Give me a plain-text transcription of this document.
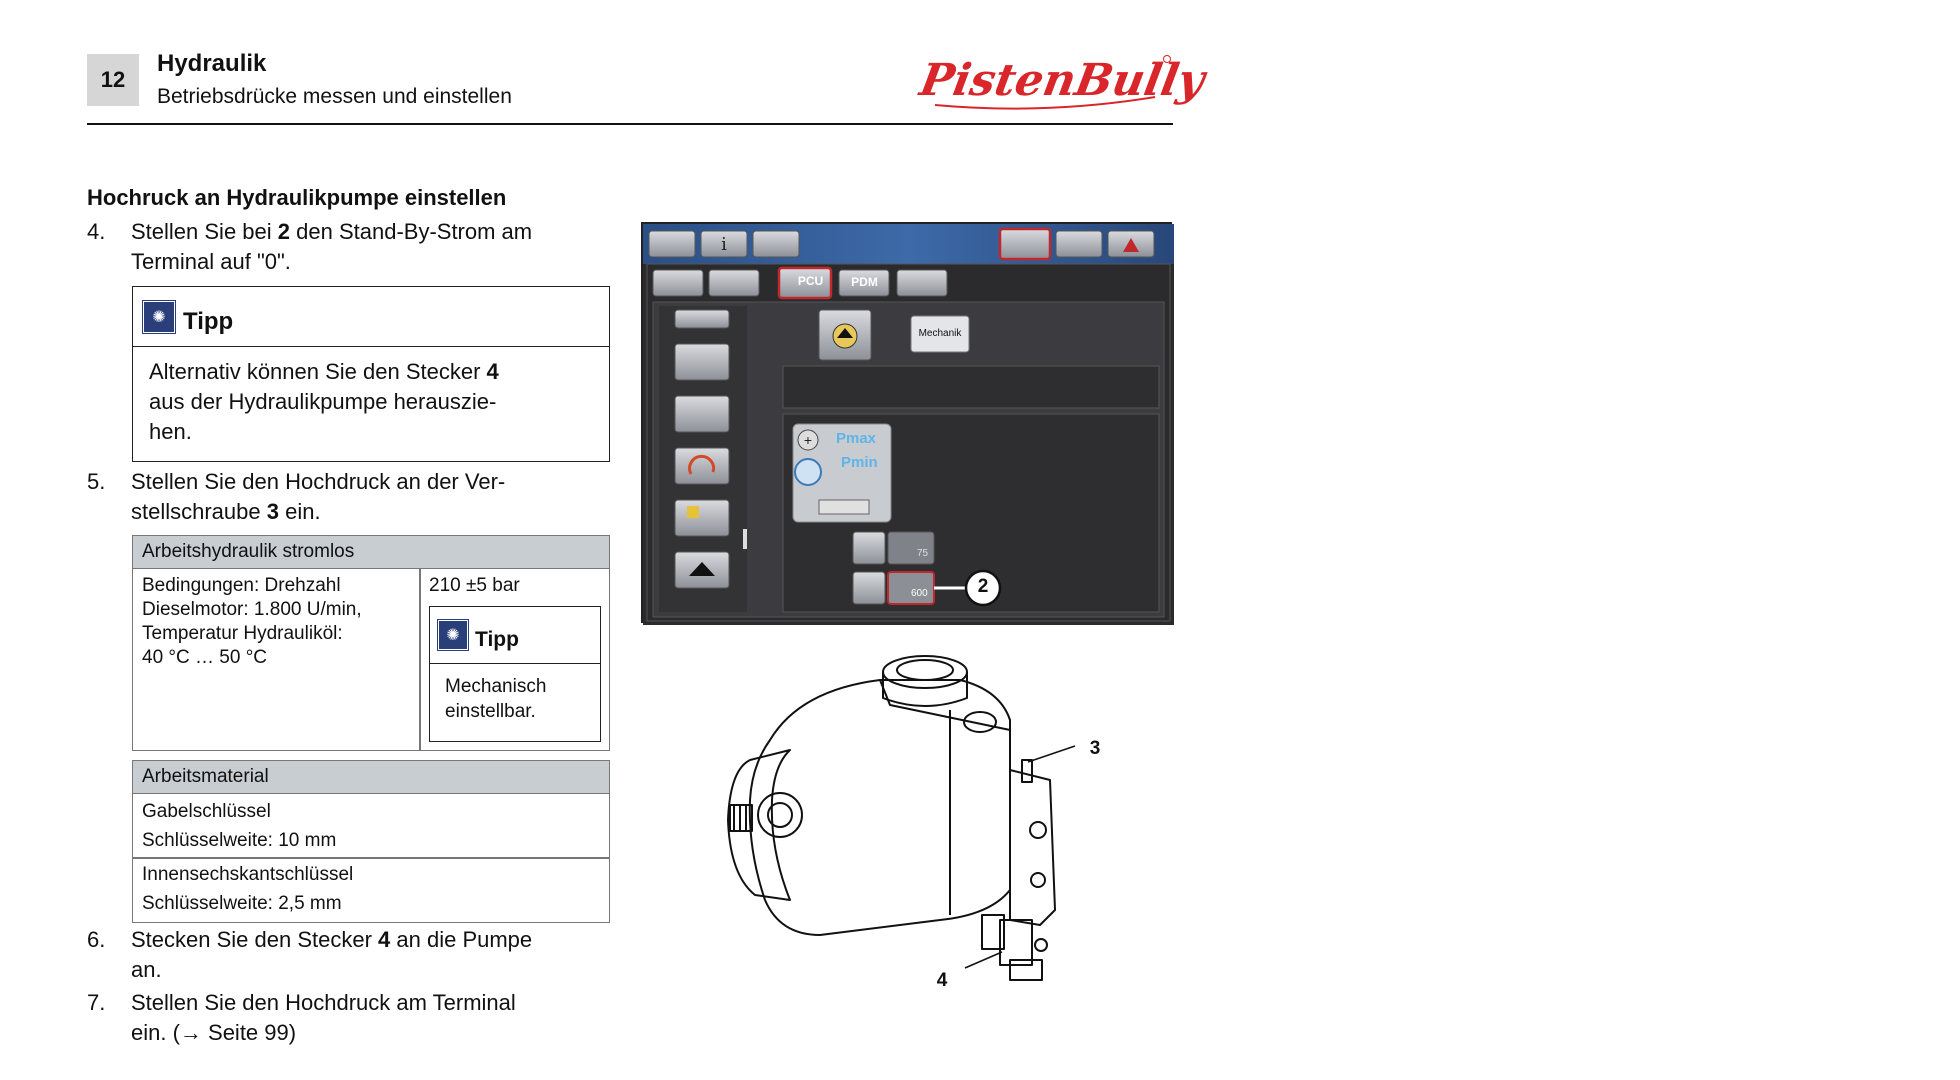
12
Hydraulik
Betriebsdrücke messen und einstellen	PistenBully
Hochruck an Hydraulikpumpe einstellen
4. Stellen Sie bei 2 den Stand-By-Strom am
Terminal auf "0".
✺ Tipp
Alternativ können Sie den Stecker 4
aus der Hydraulikpumpe herauszie-
hen.
5. Stellen Sie den Hochdruck an der Ver-
stellschraube 3 ein.
Arbeitshydraulik stromlos
Bedingungen: Drehzahl
Dieselmotor: 1.800 U/min,
Temperatur Hydrauliköl:
40 °C … 50 °C
210 ±5 bar
✺ Tipp
Mechanisch
einstellbar.
Arbeitsmaterial
Gabelschlüssel
Schlüsselweite: 10 mm
Innensechskantschlüssel
Schlüsselweite: 2,5 mm
6. Stecken Sie den Stecker 4 an die Pumpe
an.
7. Stellen Sie den Hochdruck am Terminal
ein. (→ Seite 99)
i
+
PCU	PDM
Mechanik
Pmax
Pmin
75
600	2
3
4
